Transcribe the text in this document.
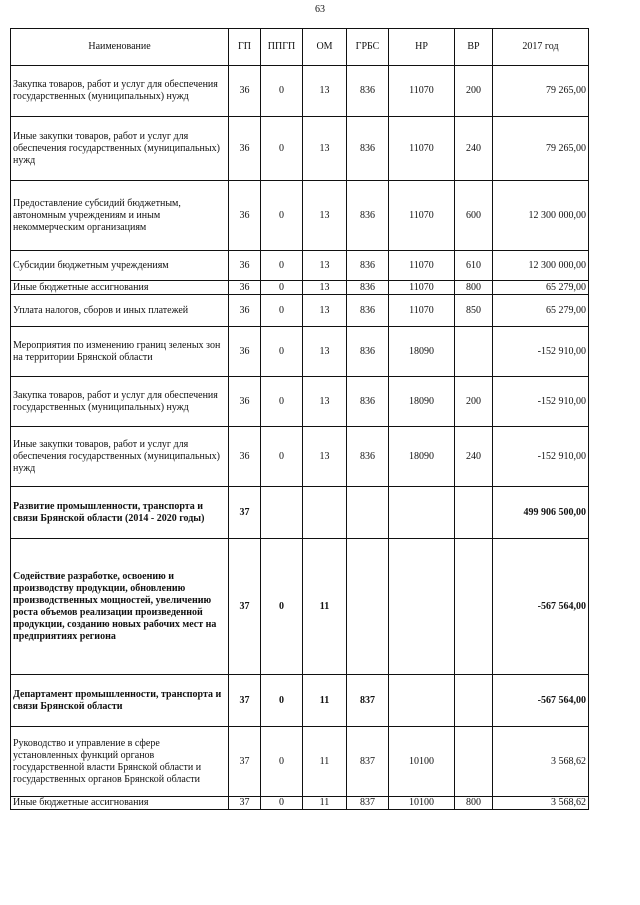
63
Наименование	ГП	ППГП	ОМ	ГРБС	НР	ВР	2017 год
Закупка товаров, работ и услуг для обеспечения государственных (муниципальных) нужд	36	0	13	836	11070	200	79 265,00
Иные закупки товаров, работ и услуг для обеспечения государственных (муниципальных) нужд	36	0	13	836	11070	240	79 265,00
Предоставление субсидий бюджетным, автономным учреждениям и иным некоммерческим организациям	36	0	13	836	11070	600	12 300 000,00
Субсидии бюджетным учреждениям	36	0	13	836	11070	610	12 300 000,00
Иные бюджетные ассигнования	36	0	13	836	11070	800	65 279,00
Уплата налогов, сборов и иных платежей	36	0	13	836	11070	850	65 279,00
Мероприятия по изменению границ зеленых зон на территории Брянской области	36	0	13	836	18090		-152 910,00
Закупка товаров, работ и услуг для обеспечения государственных (муниципальных) нужд	36	0	13	836	18090	200	-152 910,00
Иные закупки товаров, работ и услуг для обеспечения государственных (муниципальных) нужд	36	0	13	836	18090	240	-152 910,00
Развитие промышленности, транспорта и связи Брянской области (2014 - 2020 годы)	37						499 906 500,00
Содействие разработке, освоению и производству продукции, обновлению производственных мощностей, увеличению роста объемов реализации произведенной продукции, созданию новых рабочих мест на предприятиях региона	37	0	11				-567 564,00
Департамент промышленности, транспорта и связи Брянской области	37	0	11	837			-567 564,00
Руководство и управление в сфере установленных функций органов государственной власти Брянской области и государственных органов Брянской области	37	0	11	837	10100		3 568,62
Иные бюджетные ассигнования	37	0	11	837	10100	800	3 568,62
